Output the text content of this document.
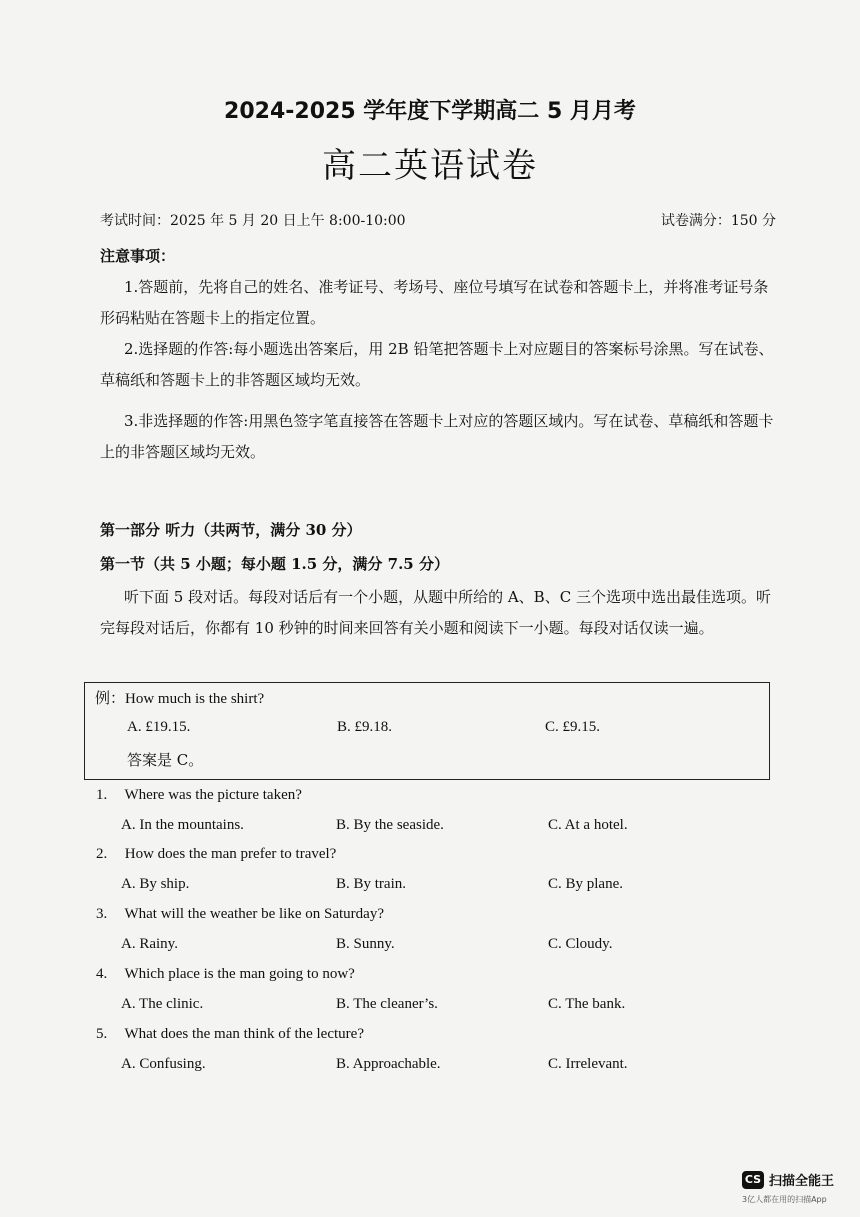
2024-2025 学年度下学期高二 5 月月考
高二英语试卷
考试时间：2025 年 5 月 20 日上午 8:00-10:00	试卷满分：150 分
注意事项：
1.答题前，先将自己的姓名、准考证号、考场号、座位号填写在试卷和答题卡上，并将准考证号条形码粘贴在答题卡上的指定位置。
2.选择题的作答:每小题选出答案后，用 2B 铅笔把答题卡上对应题目的答案标号涂黑。写在试卷、草稿纸和答题卡上的非答题区域均无效。
3.非选择题的作答:用黑色签字笔直接答在答题卡上对应的答题区域内。写在试卷、草稿纸和答题卡上的非答题区域均无效。
第一部分 听力（共两节，满分 30 分）
第一节（共 5 小题；每小题 1.5 分，满分 7.5 分）
听下面 5 段对话。每段对话后有一个小题，从题中所给的 A、B、C 三个选项中选出最佳选项。听完每段对话后，你都有 10 秒钟的时间来回答有关小题和阅读下一小题。每段对话仅读一遍。
例：How much is the shirt?
A. £19.15.	B. £9.18.	C. £9.15.
答案是 C。
1. Where was the picture taken?
A. In the mountains.	B. By the seaside.	C. At a hotel.
2. How does the man prefer to travel?
A. By ship.	B. By train.	C. By plane.
3. What will the weather be like on Saturday?
A. Rainy.	B. Sunny.	C. Cloudy.
4. Which place is the man going to now?
A. The clinic.	B. The cleaner’s.	C. The bank.
5. What does the man think of the lecture?
A. Confusing.	B. Approachable.	C. Irrelevant.
CS 扫描全能王
3亿人都在用的扫描App
